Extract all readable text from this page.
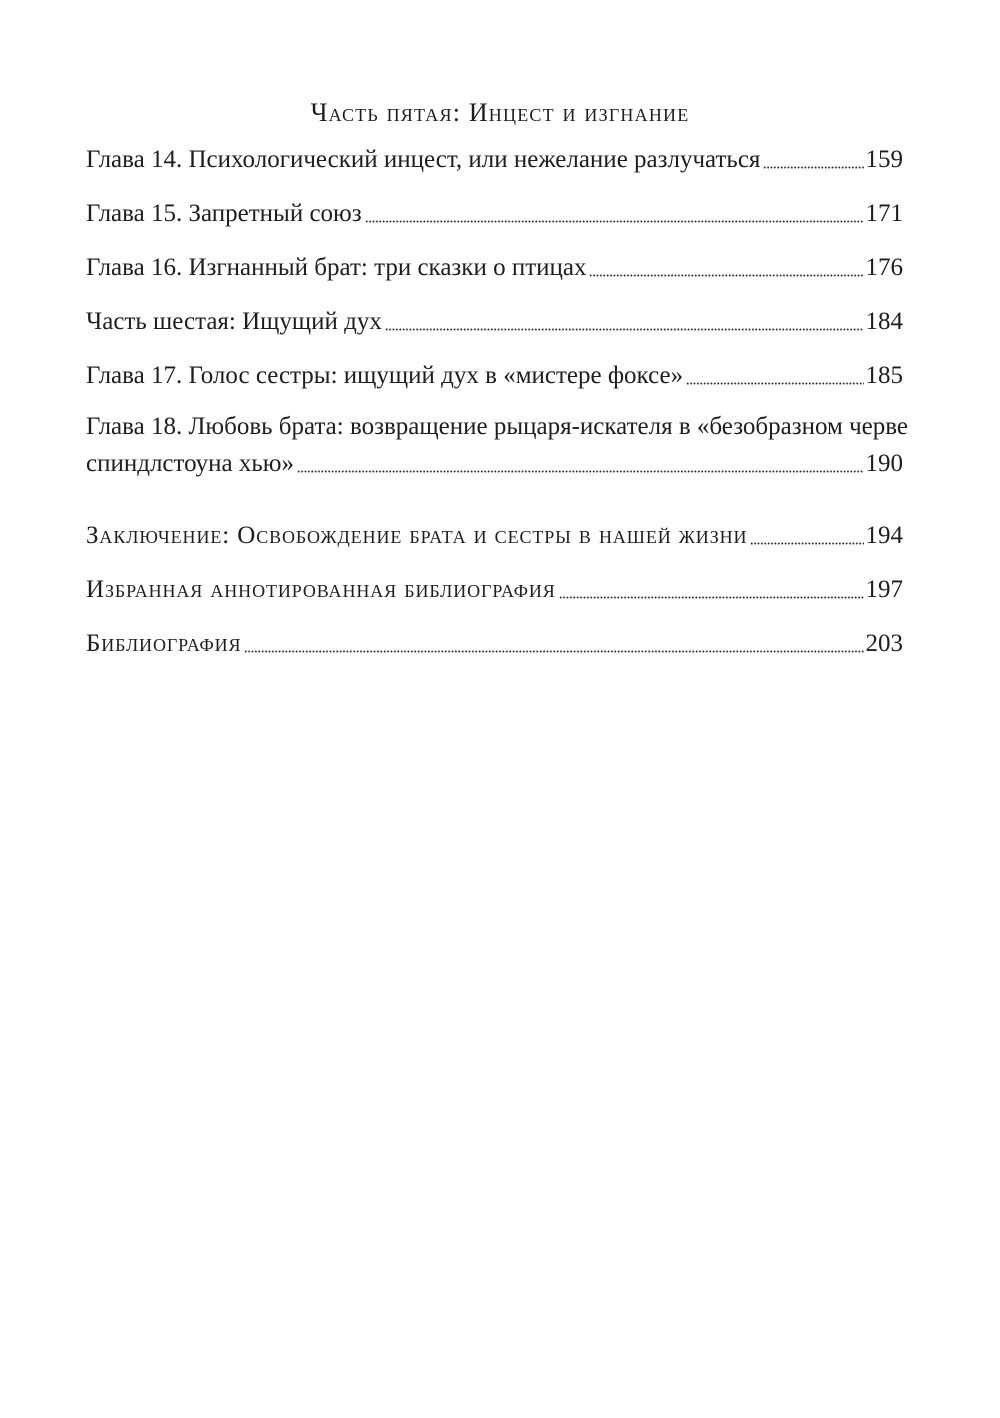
Часть пятая: Инцест и изгнание
Глава 14. Психологический инцест, или нежелание разлучаться	159
Глава 15. Запретный союз	171
Глава 16. Изгнанный брат: три сказки о птицах	176
Часть шестая: Ищущий дух	184
Глава 17. Голос сестры: ищущий дух в «мистере фоксе»	185
Глава 18. Любовь брата: возвращение рыцаря-искателя в «безобразном черве
спиндлстоуна хью»	190
Заключение: Освобождение брата и сестры в нашей жизни	194
Избранная аннотированная библиография	197
Библиография	203
